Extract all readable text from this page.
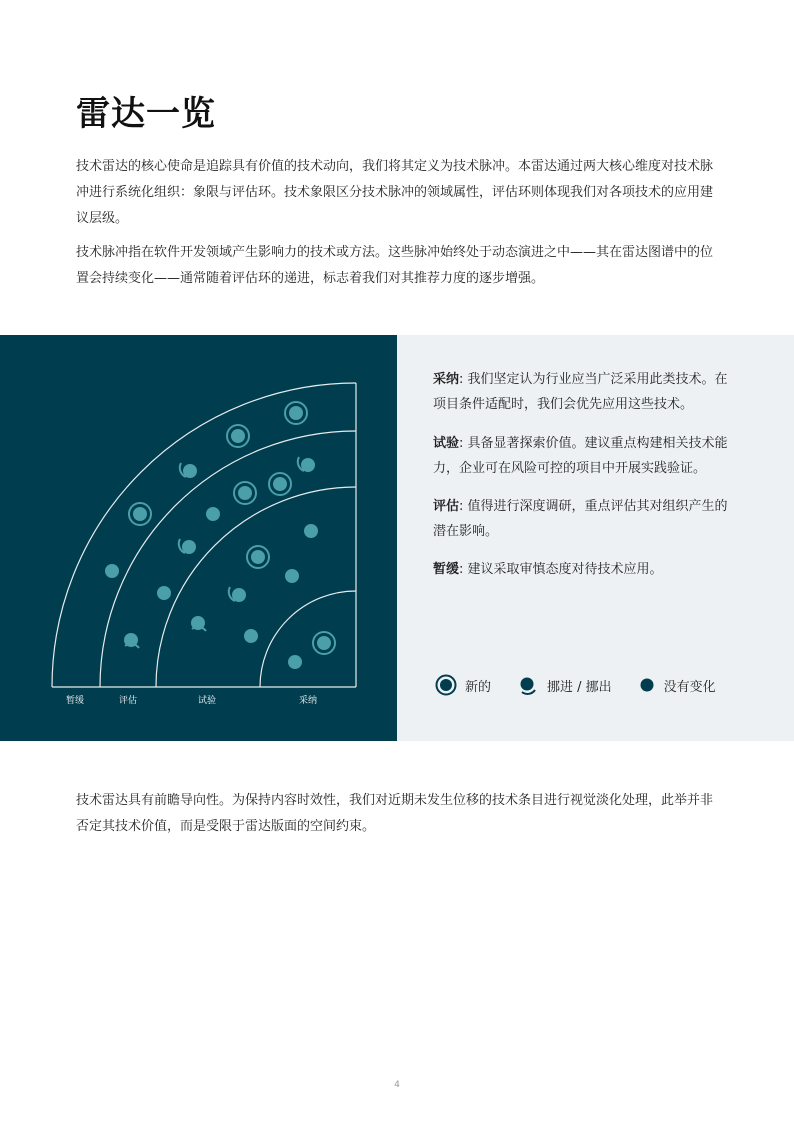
雷达一览

技术雷达的核心使命是追踪具有价值的技术动向，我们将其定义为技术脉冲。本雷达通过两大核心维度对技术脉冲进行系统化组织：象限与评估环。技术象限区分技术脉冲的领域属性，评估环则体现我们对各项技术的应用建议层级。

技术脉冲指在软件开发领域产生影响力的技术或方法。这些脉冲始终处于动态演进之中——其在雷达图谱中的位置会持续变化——通常随着评估环的递进，标志着我们对其推荐力度的逐步增强。

暂缓	评估	试验	采纳

采纳: 我们坚定认为行业应当广泛采用此类技术。在项目条件适配时，我们会优先应用这些技术。

试验: 具备显著探索价值。建议重点构建相关技术能力，企业可在风险可控的项目中开展实践验证。

评估: 值得进行深度调研，重点评估其对组织产生的潜在影响。

暂缓: 建议采取审慎态度对待技术应用。

新的	挪进 / 挪出	没有变化

技术雷达具有前瞻导向性。为保持内容时效性，我们对近期未发生位移的技术条目进行视觉淡化处理，此举并非否定其技术价值，而是受限于雷达版面的空间约束。

4
